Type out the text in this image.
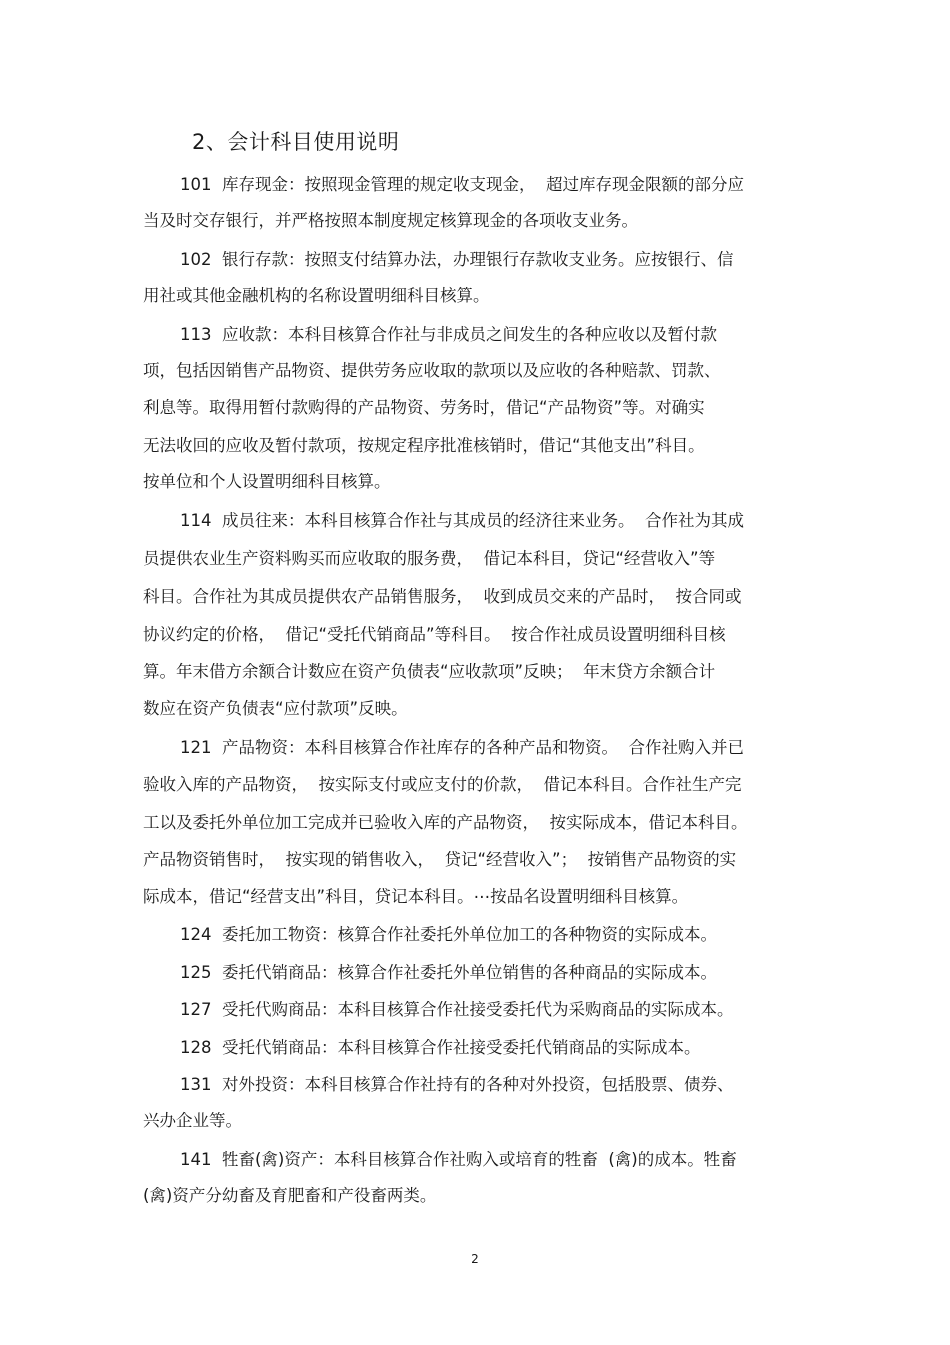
2、会计科目使用说明
101  库存现金：按照现金管理的规定收支现金，  超过库存现金限额的部分应
当及时交存银行，并严格按照本制度规定核算现金的各项收支业务。
102  银行存款：按照支付结算办法，办理银行存款收支业务。应按银行、信
用社或其他金融机构的名称设置明细科目核算。
113  应收款：本科目核算合作社与非成员之间发生的各种应收以及暂付款
项，包括因销售产品物资、提供劳务应收取的款项以及应收的各种赔款、罚款、
利息等。取得用暂付款购得的产品物资、劳务时，借记“产品物资”等。对确实
无法收回的应收及暂付款项，按规定程序批准核销时，借记“其他支出”科目。
按单位和个人设置明细科目核算。
114  成员往来：本科目核算合作社与其成员的经济往来业务。  合作社为其成
员提供农业生产资料购买而应收取的服务费，  借记本科目，贷记“经营收入”等
科目。合作社为其成员提供农产品销售服务，  收到成员交来的产品时，  按合同或
协议约定的价格，  借记“受托代销商品”等科目。  按合作社成员设置明细科目核
算。年末借方余额合计数应在资产负债表“应收款项”反映；  年末贷方余额合计
数应在资产负债表“应付款项”反映。
121  产品物资：本科目核算合作社库存的各种产品和物资。  合作社购入并已
验收入库的产品物资，  按实际支付或应支付的价款，  借记本科目。合作社生产完
工以及委托外单位加工完成并已验收入库的产品物资，  按实际成本，借记本科目。
产品物资销售时，  按实现的销售收入，  贷记“经营收入”；  按销售产品物资的实
际成本，借记“经营支出”科目，贷记本科目。⋯按品名设置明细科目核算。
124  委托加工物资：核算合作社委托外单位加工的各种物资的实际成本。
125  委托代销商品：核算合作社委托外单位销售的各种商品的实际成本。
127  受托代购商品：本科目核算合作社接受委托代为采购商品的实际成本。
128  受托代销商品：本科目核算合作社接受委托代销商品的实际成本。
131  对外投资：本科目核算合作社持有的各种对外投资，包括股票、债券、
兴办企业等。
141  牲畜(禽)资产：本科目核算合作社购入或培育的牲畜  (禽)的成本。牲畜
(禽)资产分幼畜及育肥畜和产役畜两类。
2
